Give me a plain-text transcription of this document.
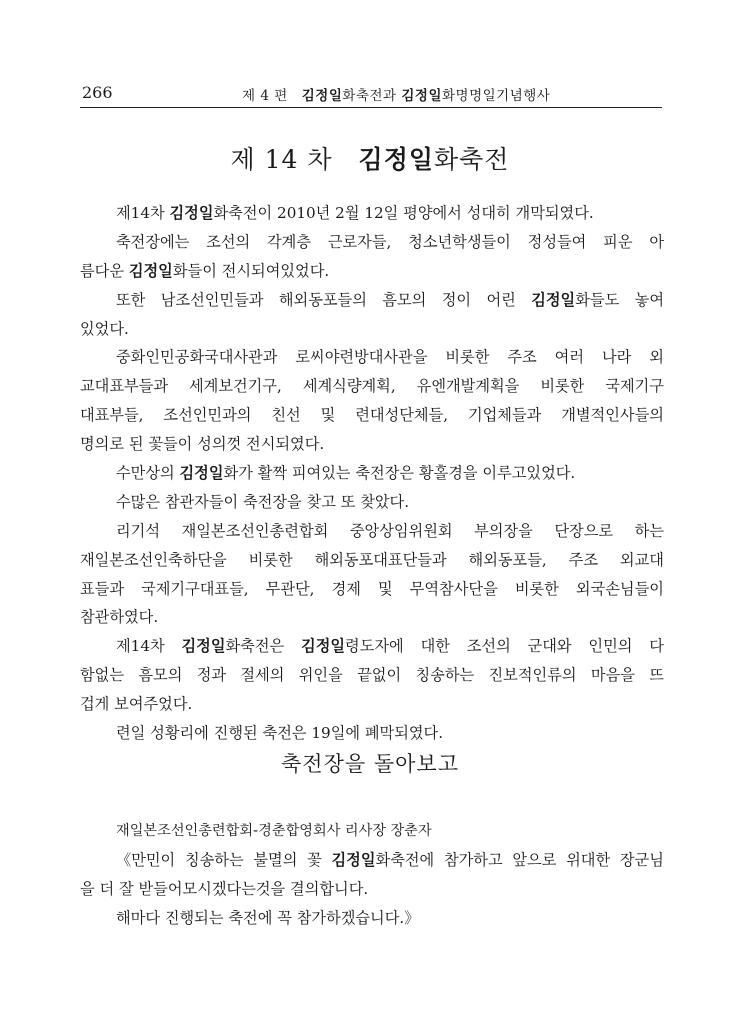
266	제 4 편　김정일화축전과 김정일화명명일기념행사
제 14 차　김정일화축전
제14차 김정일화축전이 2010년 2월 12일 평양에서 성대히 개막되였다.
축전장에는 조선의 각계층 근로자들, 청소년학생들이 정성들여 피운 아
름다운 김정일화들이 전시되여있었다.
또한 남조선인민들과 해외동포들의 흠모의 정이 어린 김정일화들도 놓여
있었다.
중화인민공화국대사관과 로씨야련방대사관을 비롯한 주조 여러 나라 외
교대표부들과 세계보건기구, 세계식량계획, 유엔개발계획을 비롯한 국제기구
대표부들, 조선인민과의 친선 및 련대성단체들, 기업체들과 개별적인사들의
명의로 된 꽃들이 성의껏 전시되였다.
수만상의 김정일화가 활짝 피여있는 축전장은 황홀경을 이루고있었다.
수많은 참관자들이 축전장을 찾고 또 찾았다.
리기석 재일본조선인총련합회 중앙상임위원회 부의장을 단장으로 하는
재일본조선인축하단을 비롯한 해외동포대표단들과 해외동포들, 주조 외교대
표들과 국제기구대표들, 무관단, 경제 및 무역참사단을 비롯한 외국손님들이
참관하였다.
제14차 김정일화축전은 김정일령도자에 대한 조선의 군대와 인민의 다
함없는 흠모의 정과 절세의 위인을 끝없이 칭송하는 진보적인류의 마음을 뜨
겁게 보여주었다.
련일 성황리에 진행된 축전은 19일에 폐막되였다.
축전장을 돌아보고
재일본조선인총련합회-경춘합영회사 리사장 장춘자
《만민이 칭송하는 불멸의 꽃 김정일화축전에 참가하고 앞으로 위대한 장군님
을 더 잘 받들어모시겠다는것을 결의합니다.
해마다 진행되는 축전에 꼭 참가하겠습니다.》
